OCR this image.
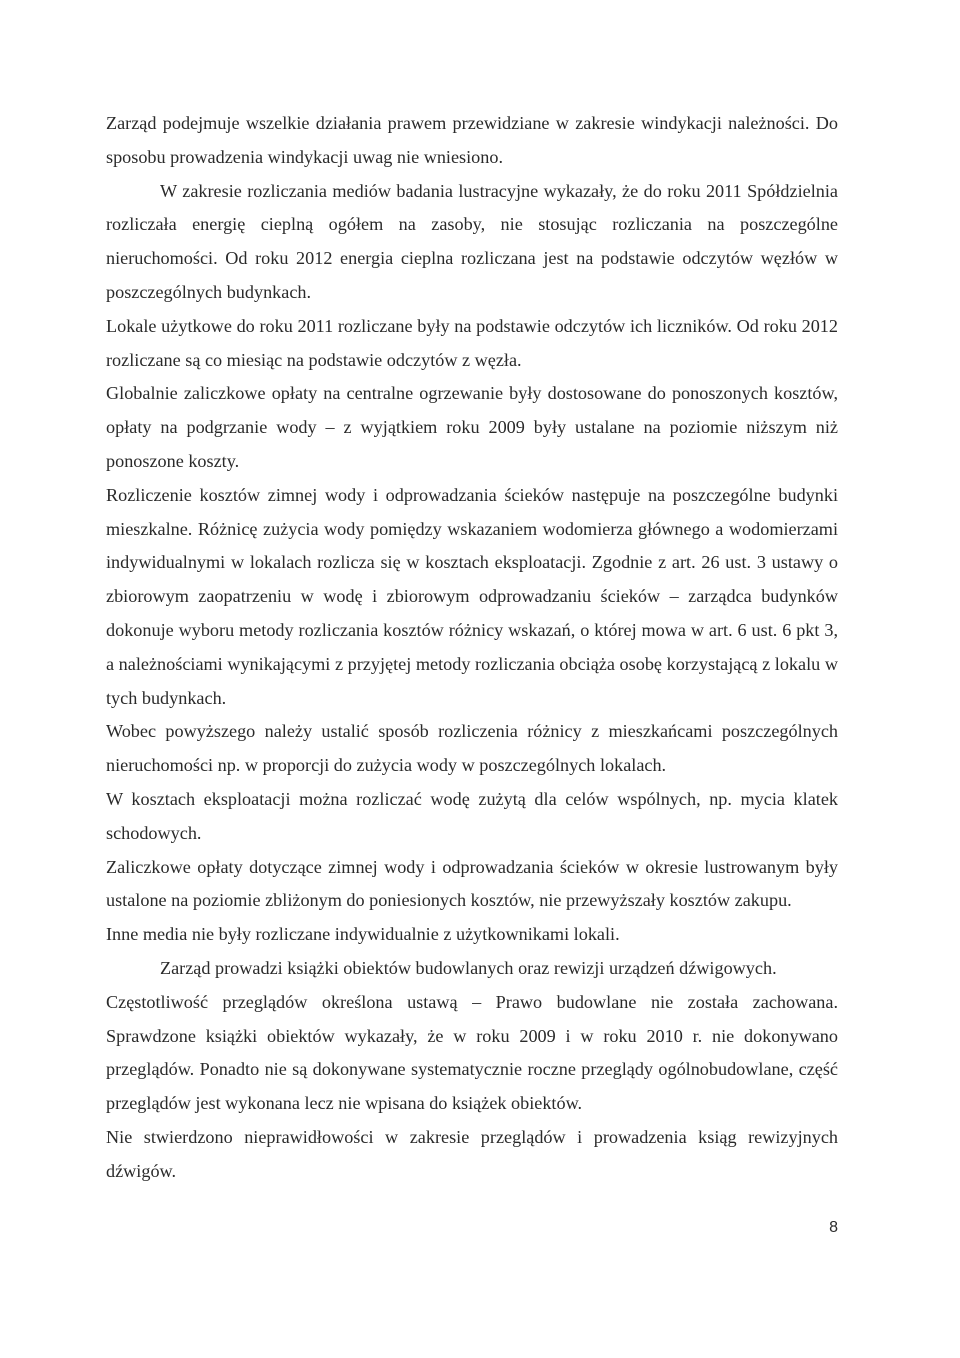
Zarząd podejmuje wszelkie działania prawem przewidziane w zakresie windykacji należności. Do sposobu prowadzenia windykacji uwag nie wniesiono.

W zakresie rozliczania mediów badania lustracyjne wykazały, że do roku 2011 Spółdzielnia rozliczała energię cieplną ogółem na zasoby, nie stosując rozliczania na poszczególne nieruchomości. Od roku 2012 energia cieplna rozliczana jest na podstawie odczytów węzłów w poszczególnych budynkach.

Lokale użytkowe do roku 2011 rozliczane były na podstawie odczytów ich liczników. Od roku 2012 rozliczane są co miesiąc na podstawie odczytów z węzła.

Globalnie zaliczkowe opłaty na centralne ogrzewanie były dostosowane do ponoszonych kosztów, opłaty na podgrzanie wody – z wyjątkiem roku 2009 były ustalane na poziomie niższym niż ponoszone koszty.

Rozliczenie kosztów zimnej wody i odprowadzania ścieków następuje na poszczególne budynki mieszkalne. Różnicę zużycia wody pomiędzy wskazaniem wodomierza głównego a wodomierzami indywidualnymi w lokalach rozlicza się w kosztach eksploatacji. Zgodnie z art. 26 ust. 3 ustawy o zbiorowym zaopatrzeniu w wodę i zbiorowym odprowadzaniu ścieków – zarządca budynków dokonuje wyboru metody rozliczania kosztów różnicy wskazań, o której mowa w art. 6 ust. 6 pkt 3, a należnościami wynikającymi z przyjętej metody rozliczania obciąża osobę korzystającą z lokalu w tych budynkach.

Wobec powyższego należy ustalić sposób rozliczenia różnicy z mieszkańcami poszczególnych nieruchomości np. w proporcji do zużycia wody w poszczególnych lokalach.

W kosztach eksploatacji można rozliczać wodę zużytą dla celów wspólnych, np. mycia klatek schodowych.

Zaliczkowe opłaty dotyczące zimnej wody i odprowadzania ścieków w okresie lustrowanym były ustalone na poziomie zbliżonym do poniesionych kosztów, nie przewyższały kosztów zakupu.

Inne media nie były rozliczane indywidualnie z użytkownikami lokali.

Zarząd prowadzi książki obiektów budowlanych oraz rewizji urządzeń dźwigowych.

Częstotliwość przeglądów określona ustawą – Prawo budowlane nie została zachowana. Sprawdzone książki obiektów wykazały, że w roku 2009 i w roku 2010 r. nie dokonywano przeglądów. Ponadto nie są dokonywane systematycznie roczne przeglądy ogólnobudowlane, część przeglądów jest wykonana lecz nie wpisana do książek obiektów.

Nie stwierdzono nieprawidłowości w zakresie przeglądów i prowadzenia ksiąg rewizyjnych dźwigów.

8
